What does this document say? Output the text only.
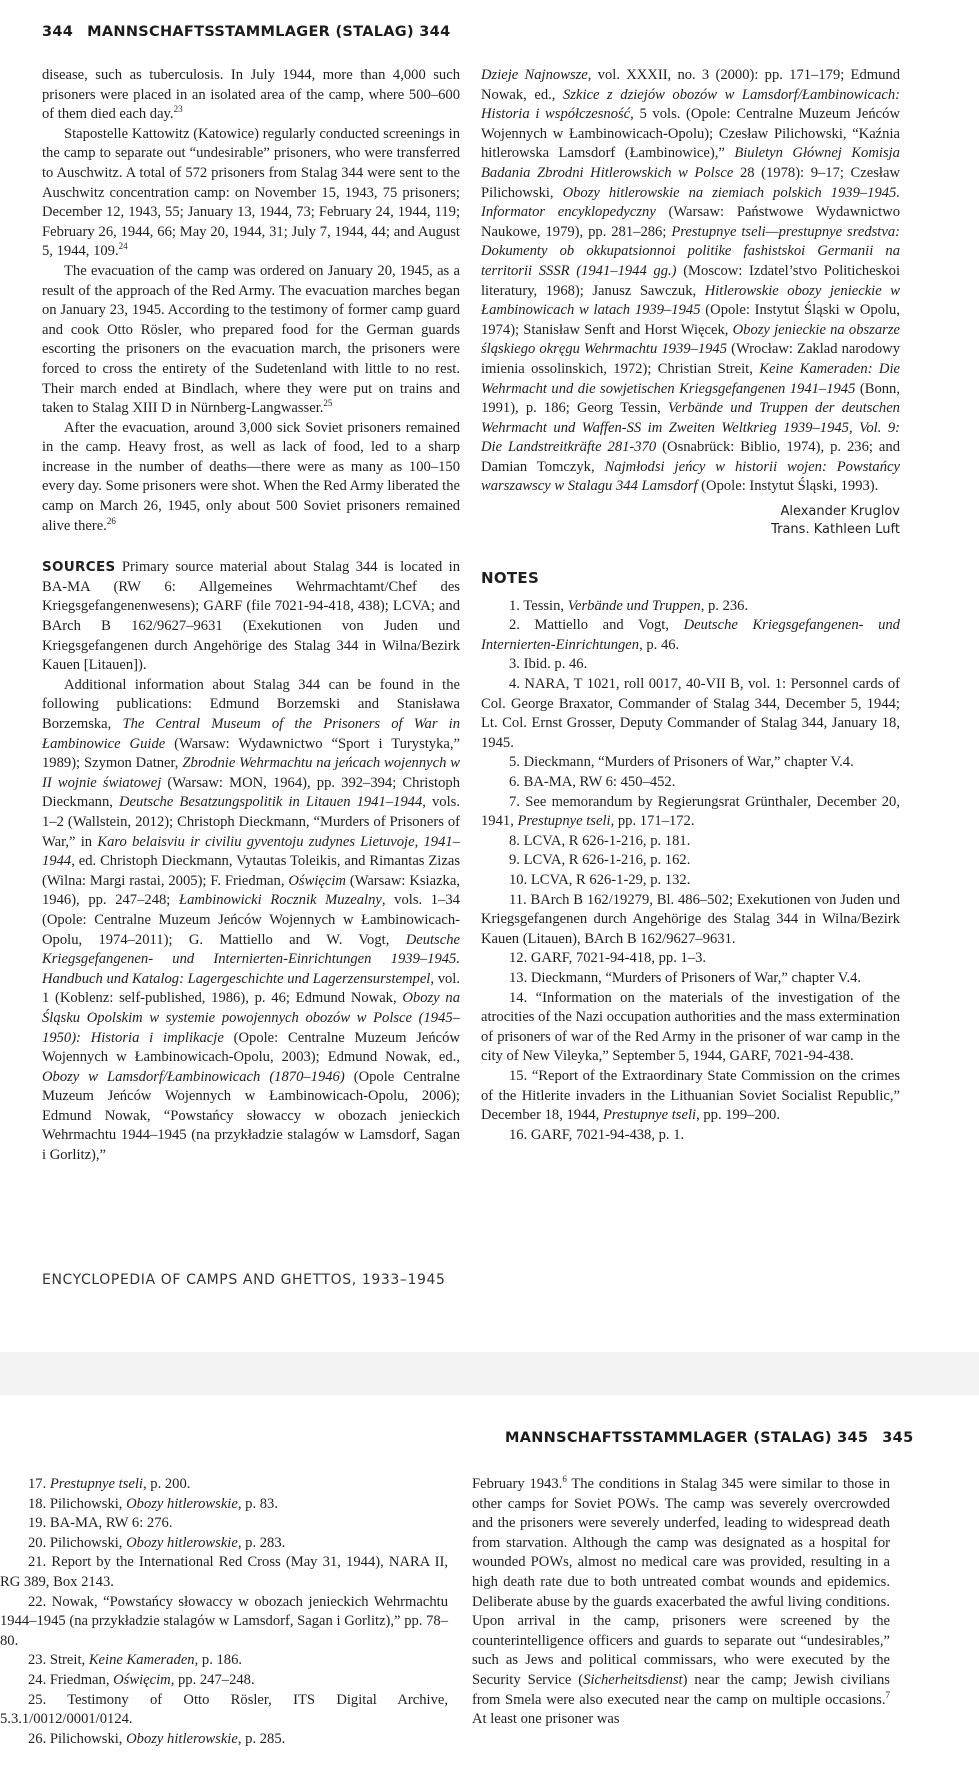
344 MANNSCHAFTSSTAMMLAGER (STALAG) 344

disease, such as tuberculosis. In July 1944, more than 4,000 such prisoners were placed in an isolated area of the camp, where 500–600 of them died each day.$^{23}$

Stapostelle Kattowitz (Katowice) regularly conducted screenings in the camp to separate out “undesirable” prisoners, who were transferred to Auschwitz. A total of 572 prisoners from Stalag 344 were sent to the Auschwitz concentration camp: on November 15, 1943, 75 prisoners; December 12, 1943, 55; January 13, 1944, 73; February 24, 1944, 119; February 26, 1944, 66; May 20, 1944, 31; July 7, 1944, 44; and August 5, 1944, 109.24

The evacuation of the camp was ordered on January 20, 1945, as a result of the approach of the Red Army. The evacuation marches began on January 23, 1945. According to the testimony of former camp guard and cook Otto Rösler, who prepared food for the German guards escorting the prisoners on the evacuation march, the prisoners were forced to cross the entirety of the Sudetenland with little to no rest. Their march ended at Bindlach, where they were put on trains and taken to Stalag XIII D in Nürnberg-Langwasser.$^{25}$

After the evacuation, around 3,000 sick Soviet prisoners remained in the camp. Heavy frost, as well as lack of food, led to a sharp increase in the number of deaths—there were as many as 100–150 every day. Some prisoners were shot. When the Red Army liberated the camp on March 26, 1945, only about 500 Soviet prisoners remained alive there.$^{26}$

SOURCES Primary source material about Stalag 344 is located in BA-MA (RW 6: Allgemeines Wehrmachtamt/Chef des Kriegsgefangenenwesens); GARF (file 7021-94-418, 438); LCVA; and BArch B 162/9627–9631 (Exekutionen von Juden und Kriegsgefangenen durch Angehörige des Stalag 344 in Wilna/Bezirk Kauen [Litauen]).

Additional information about Stalag 344 can be found in the following publications: Edmund Borzemski and Stanisława Borzemska, The Central Museum of the Prisoners of War in Łambinowice Guide (Warsaw: Wydawnictwo “Sport i Turystyka,” 1989); Szymon Datner, Zbrodnie Wehrmachtu na jeńcach wojennych w II wojnie światowej (Warsaw: MON, 1964), pp. 392–394; Christoph Dieckmann, Deutsche Besatzungspolitik in Litauen 1941–1944, vols. 1–2 (Wallstein, 2012); Christoph Dieckmann, “Murders of Prisoners of War,” in Karo belaisviu ir civiliu gyventoju zudynes Lietuvoje, 1941–1944, ed. Christoph Dieckmann, Vytautas Toleikis, and Rimantas Zizas (Wilna: Margi rastai, 2005); F. Friedman, Oświęcim (Warsaw: Ksiazka, 1946), pp. 247–248; Łambinowicki Rocznik Muzealny, vols. 1–34 (Opole: Centralne Muzeum Jeńców Wojennych w Łambinowicach-Opolu, 1974–2011); G. Mattiello and W. Vogt, Deutsche Kriegsgefangenen- und Internierten-Einrichtungen 1939–1945. Handbuch und Katalog: Lagergeschichte und Lagerzensurstempel, vol. 1 (Koblenz: self-published, 1986), p. 46; Edmund Nowak, Obozy na Śląsku Opolskim w systemie powojennych obozów w Polsce (1945–1950): Historia i implikacje (Opole: Centralne Muzeum Jeńców Wojennych w Łambinowicach-Opolu, 2003); Edmund Nowak, ed., Obozy w Lamsdorf/Łambinowicach (1870–1946) (Opole Centralne Muzeum Jeńców Wojennych w Łambinowicach-Opolu, 2006); Edmund Nowak, “Powstańcy słowaccy w obozach jenieckich Wehrmachtu 1944–1945 (na przykładzie stalagów w Lamsdorf, Sagan i Gorlitz),”

Dzieje Najnowsze, vol. XXXII, no. 3 (2000): pp. 171–179; Edmund Nowak, ed., Szkice z dziejów obozów w Lamsdorf/Łambinowicach: Historia i współczesność, 5 vols. (Opole: Centralne Muzeum Jeńców Wojennych w Łambinowicach-Opolu); Czesław Pilichowski, “Kaźnia hitlerowska Lamsdorf (Łambinowice),” Biuletyn Głównej Komisja Badania Zbrodni Hitlerowskich w Polsce 28 (1978): 9–17; Czesław Pilichowski, Obozy hitlerowskie na ziemiach polskich 1939–1945. Informator encyklopedyczny (Warsaw: Państwowe Wydawnictwo Naukowe, 1979), pp. 281–286; Prestupnye tseli—prestupnye sredstva: Dokumenty ob okkupatsionnoi politike fashistskoi Germanii na territorii SSSR (1941–1944 gg.) (Moscow: Izdatel’stvo Politicheskoi literatury, 1968); Janusz Sawczuk, Hitlerowskie obozy jenieckie w Łambinowicach w latach 1939–1945 (Opole: Instytut Śląski w Opolu, 1974); Stanisław Senft and Horst Więcek, Obozy jenieckie na obszarze śląskiego okręgu Wehrmachtu 1939–1945 (Wrocław: Zaklad narodowy imienia ossolinskich, 1972); Christian Streit, Keine Kameraden: Die Wehrmacht und die sowjetischen Kriegsgefangenen 1941–1945 (Bonn, 1991), p. 186; Georg Tessin, Verbände und Truppen der deutschen Wehrmacht und Waffen-SS im Zweiten Weltkrieg 1939–1945, Vol. 9: Die Landstreitkräfte 281-370 (Osnabrück: Biblio, 1974), p. 236; and Damian Tomczyk, Najmłodsi jeńcy w historii wojen: Powstańcy warszawscy w Stalagu 344 Lamsdorf (Opole: Instytut Śląski, 1993).

Alexander Kruglov
Trans. Kathleen Luft
NOTES

1. Tessin, Verbände und Truppen, p. 236.

2. Mattiello and Vogt, Deutsche Kriegsgefangenen- und Internierten-Einrichtungen, p. 46.

3. Ibid. p. 46.

4. NARA, T 1021, roll 0017, 40-VII B, vol. 1: Personnel cards of Col. George Braxator, Commander of Stalag 344, December 5, 1944; Lt. Col. Ernst Grosser, Deputy Commander of Stalag 344, January 18, 1945.

5. Dieckmann, “Murders of Prisoners of War,” chapter V.4.

6. BA-MA, RW 6: 450–452.

7. See memorandum by Regierungsrat Grünthaler, December 20, 1941, Prestupnye tseli, pp. 171–172.

8. LCVA, R 626-1-216, p. 181.

9. LCVA, R 626-1-216, p. 162.

10. LCVA, R 626-1-29, p. 132.

11. BArch B 162/19279, Bl. 486–502; Exekutionen von Juden und Kriegsgefangenen durch Angehörige des Stalag 344 in Wilna/Bezirk Kauen (Litauen), BArch B 162/9627–9631.

12. GARF, 7021-94-418, pp. 1–3.

13. Dieckmann, “Murders of Prisoners of War,” chapter V.4.

14. “Information on the materials of the investigation of the atrocities of the Nazi occupation authorities and the mass extermination of prisoners of war of the Red Army in the prisoner of war camp in the city of New Vileyka,” September 5, 1944, GARF, 7021-94-438.

15. “Report of the Extraordinary State Commission on the crimes of the Hitlerite invaders in the Lithuanian Soviet Socialist Republic,” December 18, 1944, Prestupnye tseli, pp. 199–200.

16. GARF, 7021-94-438, p. 1.

ENCYCLOPEDIA OF CAMPS AND GHETTOS, 1933–1945
MANNSCHAFTSSTAMMLAGER (STALAG) 345 345

17. Prestupnye tseli, p. 200.

18. Pilichowski, Obozy hitlerowskie, p. 83.

19. BA-MA, RW 6: 276.

20. Pilichowski, Obozy hitlerowskie, p. 283.

21. Report by the International Red Cross (May 31, 1944), NARA II, RG 389, Box 2143.

22. Nowak, “Powstańcy słowaccy w obozach jenieckich Wehrmachtu 1944–1945 (na przykładzie stalagów w Lamsdorf, Sagan i Gorlitz),” pp. 78–80.

23. Streit, Keine Kameraden, p. 186.

24. Friedman, Oświęcim, pp. 247–248.

25. Testimony of Otto Rösler, ITS Digital Archive, 5.3.1/0012/0001/0124.

26. Pilichowski, Obozy hitlerowskie, p. 285.

February 1943.$^6$ The conditions in Stalag 345 were similar to those in other camps for Soviet POWs. The camp was severely overcrowded and the prisoners were severely underfed, leading to widespread death from starvation. Although the camp was designated as a hospital for wounded POWs, almost no medical care was provided, resulting in a high death rate due to both untreated combat wounds and epidemics. Deliberate abuse by the guards exacerbated the awful living conditions. Upon arrival in the camp, prisoners were screened by the counterintelligence officers and guards to separate out “undesirables,” such as Jews and political commissars, who were executed by the Security Service (Sicherheitsdienst) near the camp; Jewish civilians from Smela were also executed near the camp on multiple occasions.$^7$ At least one prisoner was
